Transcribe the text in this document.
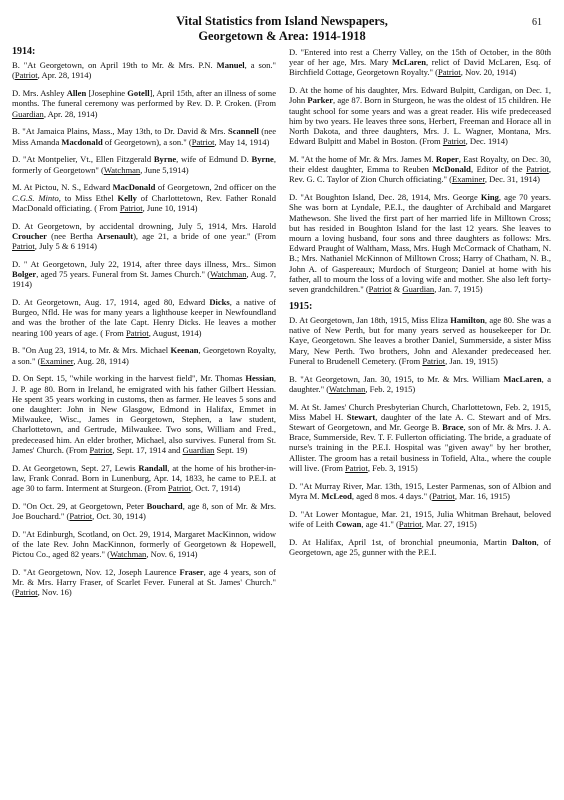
61
Vital Statistics from Island Newspapers,
Georgetown & Area: 1914-1918
1914:
B. "At Georgetown, on April 19th to Mr. & Mrs. P.N. Manuel, a son." (Patriot, Apr. 28, 1914)
D. Mrs. Ashley Allen [Josephine Gotell], April 15th, after an illness of some months. The funeral ceremony was performed by Rev. D. P. Croken. (From Guardian, Apr. 28, 1914)
B. "At Jamaica Plains, Mass., May 13th, to Dr. David & Mrs. Scannell (nee Miss Amanda Macdonald of Georgetown), a son." (Patriot, May 14, 1914)
D. "At Montpelier, Vt., Ellen Fitzgerald Byrne, wife of Edmund D. Byrne, formerly of Georgetown" (Watchman, June 5,1914)
M. At Pictou, N. S., Edward MacDonald of Georgetown, 2nd officer on the C.G.S. Minto, to Miss Ethel Kelly of Charlottetown, Rev. Father Ronald MacDonald officiating. ( From Patriot, June 10, 1914)
D. At Georgetown, by accidental drowning, July 5, 1914, Mrs. Harold Croucher (nee Bertha Arsenault), age 21, a bride of one year." (From Patriot, July 5 & 6 1914)
D. " At Georgetown, July 22, 1914, after three days illness, Mrs.. Simon Bolger, aged 75 years. Funeral from St. James Church." (Watchman, Aug. 7, 1914)
D. At Georgetown, Aug. 17, 1914, aged 80, Edward Dicks, a native of Burgeo, Nfld. He was for many years a lighthouse keeper in Newfoundland and was the brother of the late Capt. Henry Dicks. He leaves a mother nearing 100 years of age. ( From Patriot, August, 1914)
B. "On Aug 23, 1914, to Mr. & Mrs. Michael Keenan, Georgetown Royalty, a son." (Examiner, Aug. 28, 1914)
D. On Sept. 15, "while working in the harvest field", Mr. Thomas Hessian, J. P. age 80. Born in Ireland, he emigrated with his father Gilbert Hessian. He spent 35 years working in customs, then as farmer. He leaves 5 sons and one daughter: John in New Glasgow, Edmond in Halifax, Emmet in Milwaukee, Wisc., James in Georgetown, Stephen, a law student, Charlottetown, and Gertrude, Milwaukee. Two sons, William and Fred., predeceased him. An elder brother, Michael, also survives. Funeral from St. James' Church. (From Patriot, Sept. 17, 1914 and Guardian Sept. 19)
D. At Georgetown, Sept. 27, Lewis Randall, at the home of his brother-in-law, Frank Conrad. Born in Lunenburg, Apr. 14, 1833, he came to P.E.I. at age 30 to farm. Interment at Sturgeon. (From Patriot, Oct. 7, 1914)
D. "On Oct. 29, at Georgetown, Peter Bouchard, age 8, son of Mr. & Mrs. Joe Bouchard." (Patriot, Oct. 30, 1914)
D. "At Edinburgh, Scotland, on Oct. 29, 1914, Margaret MacKinnon, widow of the late Rev. John MacKinnon, formerly of Georgetown & Hopewell, Pictou Co., aged 82 years." (Watchman, Nov. 6, 1914)
D. "At Georgetown, Nov. 12, Joseph Laurence Fraser, age 4 years, son of Mr. & Mrs. Harry Fraser, of Scarlet Fever. Funeral at St. James' Church." (Patriot, Nov. 16)
D. "Entered into rest a Cherry Valley, on the 15th of October, in the 80th year of her age, Mrs. Mary McLaren, relict of David McLaren, Esq. of Birchfield Cottage, Georgetown Royalty." (Patriot, Nov. 20, 1914)
D. At the home of his daughter, Mrs. Edward Bulpitt, Cardigan, on Dec. 1, John Parker, age 87. Born in Sturgeon, he was the oldest of 15 children. He taught school for some years and was a great reader. His wife predeceased him by two years. He leaves three sons, Herbert, Freeman and Horace all in North Dakota, and three daughters, Mrs. J. L. Wagner, Montana, Mrs. Edward Bulpitt and Mabel in Boston. (From Patriot, Dec. 1914)
M. "At the home of Mr. & Mrs. James M. Roper, East Royalty, on Dec. 30, their eldest daughter, Emma to Reuben McDonald, Editor of the Patriot, Rev. G. C. Taylor of Zion Church officiating." (Examiner, Dec. 31, 1914)
D. "At Boughton Island, Dec. 28, 1914, Mrs. George King, age 70 years. She was born at Lyndale, P.E.I., the daughter of Archibald and Margaret Mathewson. She lived the first part of her married life in Milltown Cross; but has resided in Boughton Island for the last 12 years. She leaves to mourn a loving husband, four sons and three daughters as follows: Mrs. Edward Praught of Waltham, Mass, Mrs. Hugh McCormack of Chatham, N. B.; Mrs. Nathaniel McKinnon of Milltown Cross; Harry of Chatham, N. B., John A. of Gaspereaux; Murdoch of Sturgeon; Daniel at home with his father, all to mourn the loss of a loving wife and mother. She also left forty-seven grandchildren." (Patriot & Guardian, Jan. 7, 1915)
1915:
D. At Georgetown, Jan 18th, 1915, Miss Eliza Hamilton, age 80. She was a native of New Perth, but for many years served as housekeeper for Dr. Kaye, Georgetown. She leaves a brother Daniel, Summerside, a sister Miss Mary, New Perth. Two brothers, John and Alexander predeceased her. Funeral to Brudenell Cemetery. (From Patriot, Jan. 19, 1915)
B. "At Georgetown, Jan. 30, 1915, to Mr. & Mrs. William MacLaren, a daughter." (Watchman, Feb. 2, 1915)
M. At St. James' Church Presbyterian Church, Charlottetown, Feb. 2, 1915, Miss Mabel H. Stewart, daughter of the late A. C. Stewart and of Mrs. Stewart of Georgetown, and Mr. George B. Brace, son of Mr. & Mrs. J. A. Brace, Summerside, Rev. T. F. Fullerton officiating. The bride, a graduate of nurse's training in the P.E.I. Hospital was "given away" by her brother, Allister. The groom has a retail business in Tofield, Alta., where the couple will live. (From Patriot, Feb. 3, 1915)
D. "At Murray River, Mar. 13th, 1915, Lester Parmenas, son of Albion and Myra M. McLeod, aged 8 mos. 4 days." (Patriot, Mar. 16, 1915)
D. "At Lower Montague, Mar. 21, 1915, Julia Whitman Brehaut, beloved wife of Leith Cowan, age 41." (Patriot, Mar. 27, 1915)
D. At Halifax, April 1st, of bronchial pneumonia, Martin Dalton, of Georgetown, age 25, gunner with the P.E.I.
